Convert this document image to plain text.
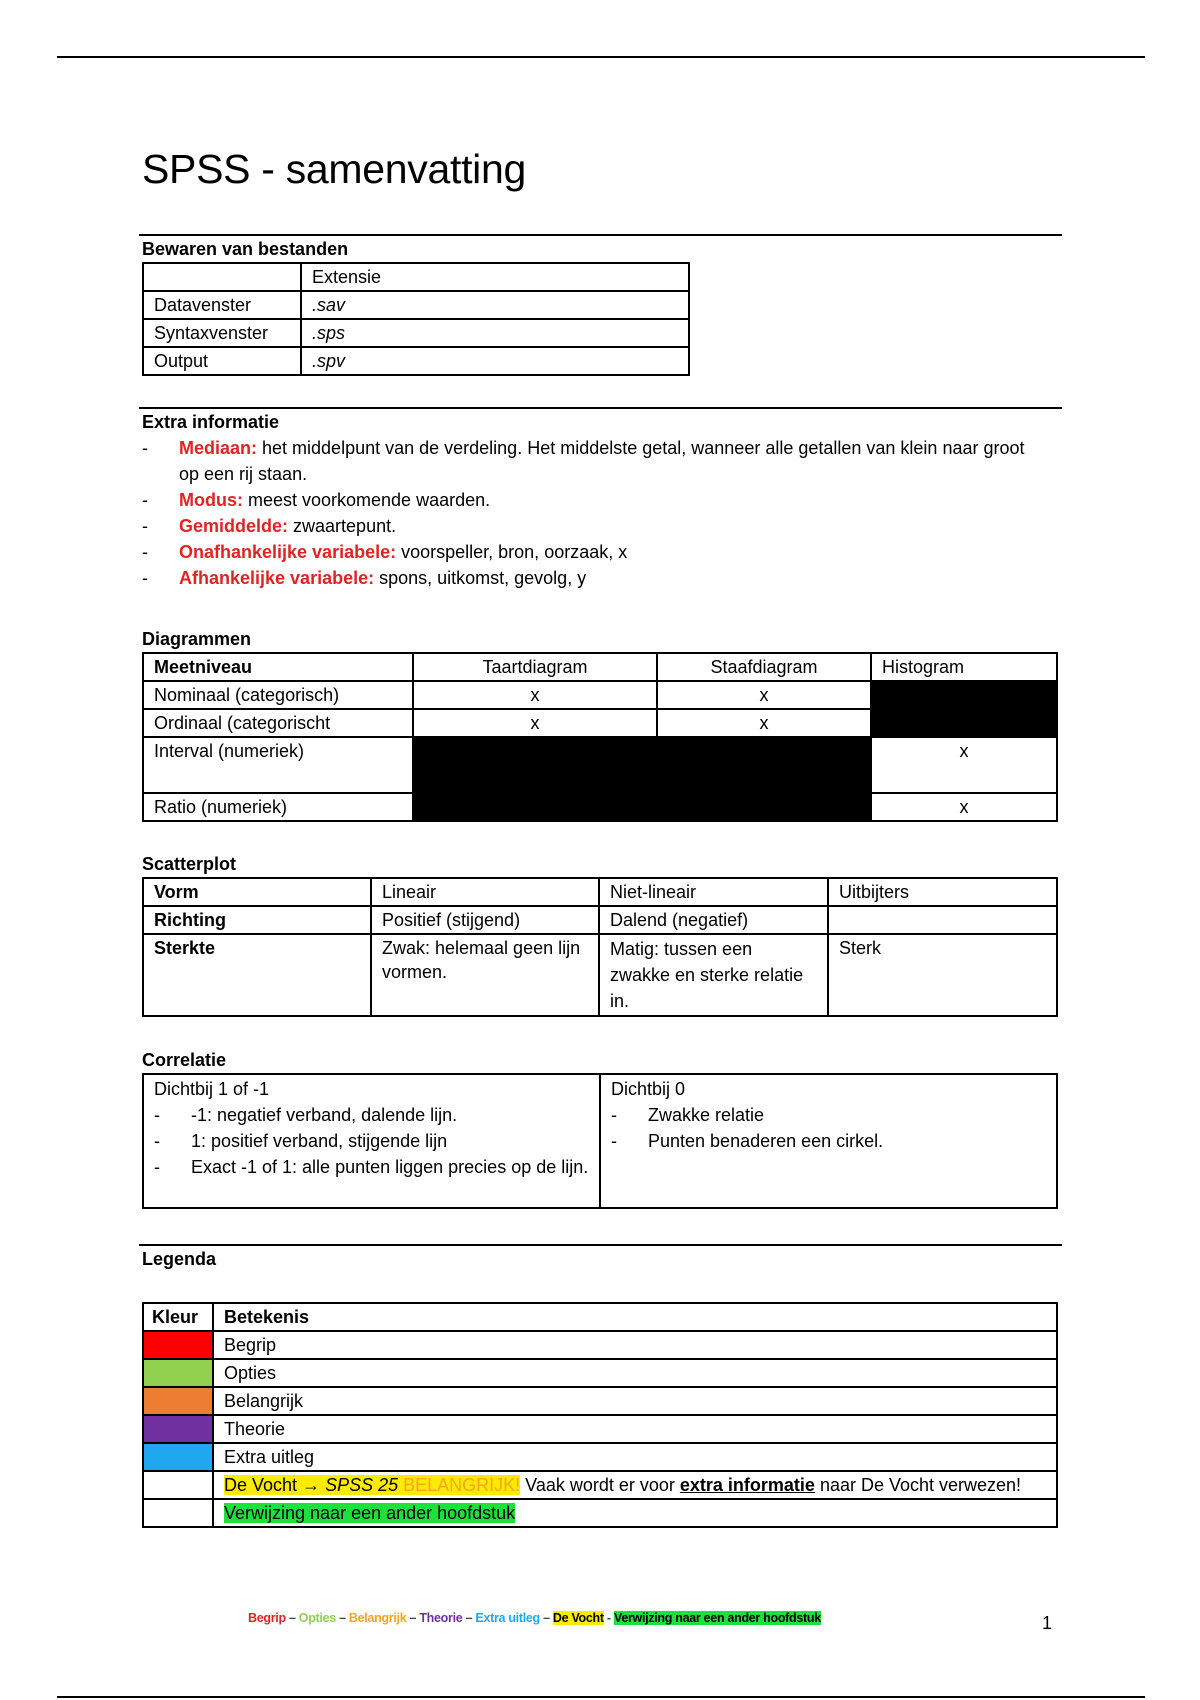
SPSS - samenvatting
Bewaren van bestanden
	Extensie
Datavenster	.sav
Syntaxvenster	.sps
Output	.spv
Extra informatie
- Mediaan: het middelpunt van de verdeling. Het middelste getal, wanneer alle getallen van klein naar groot op een rij staan.
- Modus: meest voorkomende waarden.
- Gemiddelde: zwaartepunt.
- Onafhankelijke variabele: voorspeller, bron, oorzaak, x
- Afhankelijke variabele: spons, uitkomst, gevolg, y
Diagrammen
Meetniveau	Taartdiagram	Staafdiagram	Histogram
Nominaal (categorisch)	x	x	
Ordinaal (categorischt	x	x	
Interval (numeriek)			x
Ratio (numeriek)			x
Scatterplot
Vorm	Lineair	Niet-lineair	Uitbijters
Richting	Positief (stijgend)	Dalend (negatief)	
Sterkte	Zwak: helemaal geen lijn vormen.	Matig: tussen een zwakke en sterke relatie in.	Sterk
Correlatie
Dichtbij 1 of -1
- -1: negatief verband, dalende lijn.
- 1: positief verband, stijgende lijn
- Exact -1 of 1: alle punten liggen precies op de lijn.

Dichtbij 0
- Zwakke relatie
- Punten benaderen een cirkel.
Legenda
Kleur	Betekenis
	Begrip
	Opties
	Belangrijk
	Theorie
	Extra uitleg
	De Vocht → SPSS 25 BELANGRIJK! Vaak wordt er voor extra informatie naar De Vocht verwezen!
	Verwijzing naar een ander hoofdstuk
Begrip – Opties – Belangrijk – Theorie – Extra uitleg – De Vocht - Verwijzing naar een ander hoofdstuk	1
